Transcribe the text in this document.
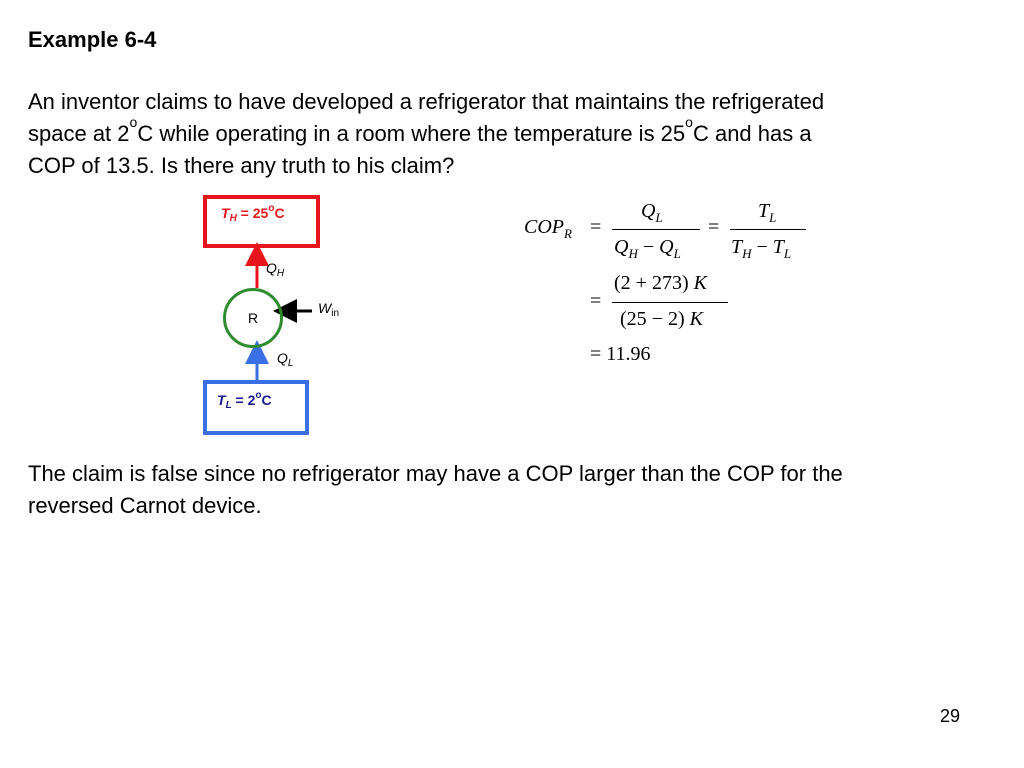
Example 6-4
An inventor claims to have developed a refrigerator that maintains the refrigerated
space at 2$^o$C while operating in a room where the temperature is 25$^o$C and has a
COP of 13.5. Is there any truth to his claim?
$T_H = 25^oC$
R
$T_L = 2^oC$
$Q_H$
$Q_L$
$W_{in}$
$COP_R$ =
$Q_L$
$Q_H - Q_L$
=
$T_L$
$T_H - T_L$
=
(2 + 273) K
(25 − 2) K
= 11.96
The claim is false since no refrigerator may have a COP larger than the COP for the
reversed Carnot device.
29
